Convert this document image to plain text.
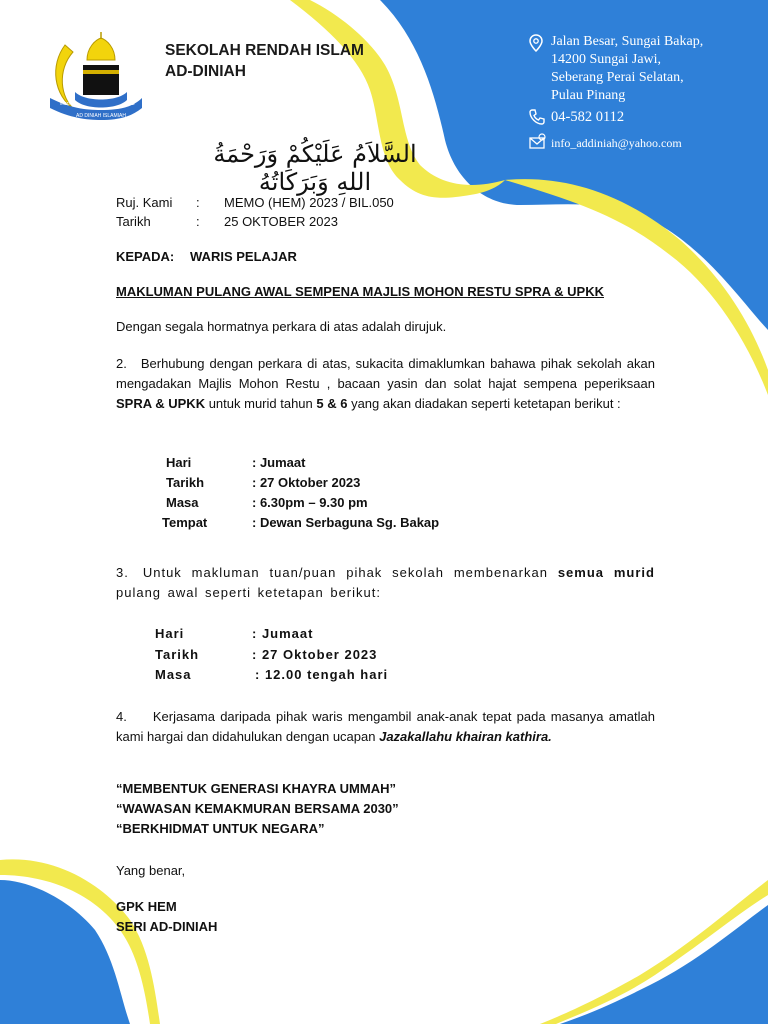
MSD	LD
AD DINIAH ISLAMIAH
SEKOLAH RENDAH ISLAM
AD-DINIAH
Jalan Besar, Sungai Bakap,
14200 Sungai Jawi,
Seberang Perai Selatan,
Pulau Pinang
04-582 0112
info_addiniah@yahoo.com
السَّلاَمُ عَلَيْكُمْ وَرَحْمَةُ اللهِ وَبَرَكَاتُهُ
Ruj. Kami : MEMO (HEM) 2023 / BIL.050
Tarikh	: 25 OKTOBER 2023
KEPADA: WARIS PELAJAR
MAKLUMAN PULANG AWAL SEMPENA MAJLIS MOHON RESTU SPRA & UPKK
Dengan segala hormatnya perkara di atas adalah dirujuk.
2. Berhubung dengan perkara di atas, sukacita dimaklumkan bahawa pihak sekolah akan mengadakan Majlis Mohon Restu , bacaan yasin dan solat hajat sempena peperiksaan SPRA & UPKK untuk murid tahun 5 & 6 yang akan diadakan seperti ketetapan berikut :
Hari	: Jumaat
Tarikh	: 27 Oktober 2023
Masa	: 6.30pm – 9.30 pm
Tempat	: Dewan Serbaguna Sg. Bakap
3. Untuk makluman tuan/puan pihak sekolah membenarkan semua murid pulang awal seperti ketetapan berikut:
Hari	: Jumaat
Tarikh	: 27 Oktober 2023
Masa	: 12.00 tengah hari
4. Kerjasama daripada pihak waris mengambil anak-anak tepat pada masanya amatlah kami hargai dan didahulukan dengan ucapan Jazakallahu khairan kathira.
“MEMBENTUK GENERASI KHAYRA UMMAH”
“WAWASAN KEMAKMURAN BERSAMA 2030”
“BERKHIDMAT UNTUK NEGARA”
Yang benar,
GPK HEM
SERI AD-DINIAH
